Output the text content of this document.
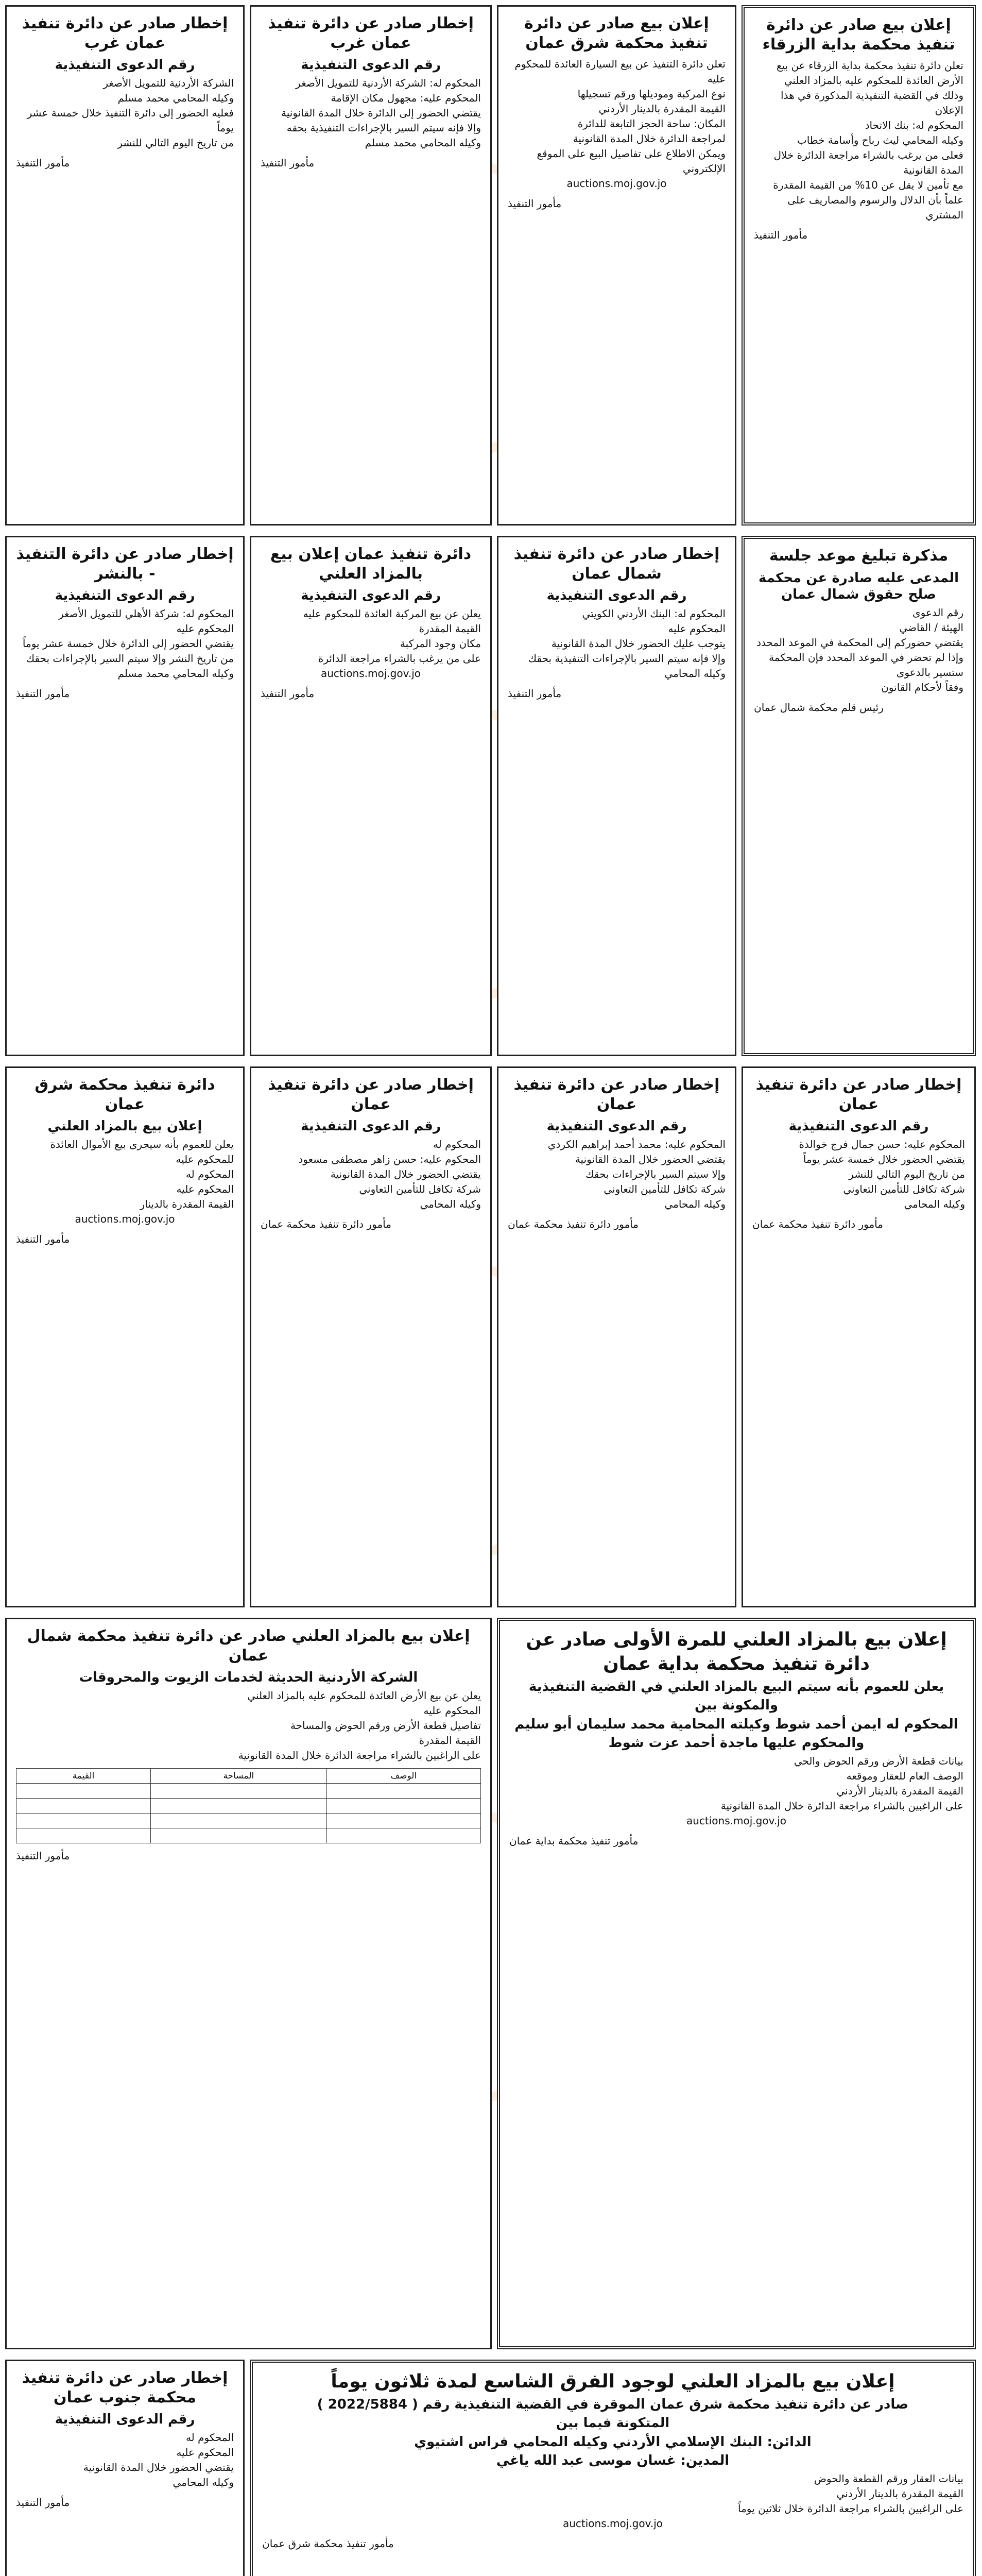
إعلان بيع صادر عن دائرة تنفيذ محكمة بداية الزرقاء
تعلن دائرة تنفيذ محكمة بداية الزرقاء عن بيع الأرض العائدة للمحكوم عليه بالمزاد العلني
وذلك في القضية التنفيذية المذكورة في هذا الإعلان
المحكوم له: بنك الاتحاد
وكيله المحامي ليث رباح وأسامة خطاب
فعلى من يرغب بالشراء مراجعة الدائرة خلال المدة القانونية
مع تأمين لا يقل عن 10% من القيمة المقدرة
علماً بأن الدلال والرسوم والمصاريف على المشتري
مأمور التنفيذ
إعلان بيع صادر عن دائرة تنفيذ محكمة شرق عمان
تعلن دائرة التنفيذ عن بيع السيارة العائدة للمحكوم عليه
نوع المركبة وموديلها ورقم تسجيلها
القيمة المقدرة بالدينار الأردني
المكان: ساحة الحجز التابعة للدائرة
لمراجعة الدائرة خلال المدة القانونية
ويمكن الاطلاع على تفاصيل البيع على الموقع الإلكتروني
auctions.moj.gov.jo
مأمور التنفيذ
إخطار صادر عن دائرة تنفيذ عمان غرب
رقم الدعوى التنفيذية
المحكوم له: الشركة الأردنية للتمويل الأصغر
المحكوم عليه: مجهول مكان الإقامة
يقتضي الحضور إلى الدائرة خلال المدة القانونية
وإلا فإنه سيتم السير بالإجراءات التنفيذية بحقه
وكيله المحامي محمد مسلم
مأمور التنفيذ
إخطار صادر عن دائرة تنفيذ عمان غرب
رقم الدعوى التنفيذية
الشركة الأردنية للتمويل الأصغر
وكيله المحامي محمد مسلم
فعليه الحضور إلى دائرة التنفيذ خلال خمسة عشر يوماً
من تاريخ اليوم التالي للنشر
مأمور التنفيذ
مذكرة تبليغ موعد جلسة
المدعى عليه صادرة عن محكمة صلح حقوق شمال عمان
رقم الدعوى
الهيئة / القاضي
يقتضي حضوركم إلى المحكمة في الموعد المحدد
وإذا لم تحضر في الموعد المحدد فإن المحكمة ستسير بالدعوى
وفقاً لأحكام القانون
رئيس قلم محكمة شمال عمان
إخطار صادر عن دائرة تنفيذ شمال عمان
رقم الدعوى التنفيذية
المحكوم له: البنك الأردني الكويتي
المحكوم عليه
يتوجب عليك الحضور خلال المدة القانونية
وإلا فإنه سيتم السير بالإجراءات التنفيذية بحقك
وكيله المحامي
مأمور التنفيذ
دائرة تنفيذ عمان إعلان بيع بالمزاد العلني
رقم الدعوى التنفيذية
يعلن عن بيع المركبة العائدة للمحكوم عليه
القيمة المقدرة
مكان وجود المركبة
على من يرغب بالشراء مراجعة الدائرة
auctions.moj.gov.jo
مأمور التنفيذ
إخطار صادر عن دائرة التنفيذ - بالنشر
رقم الدعوى التنفيذية
المحكوم له: شركة الأهلي للتمويل الأصغر
المحكوم عليه
يقتضي الحضور إلى الدائرة خلال خمسة عشر يوماً
من تاريخ النشر وإلا سيتم السير بالإجراءات بحقك
وكيله المحامي محمد مسلم
مأمور التنفيذ
إخطار صادر عن دائرة تنفيذ عمان
رقم الدعوى التنفيذية
المحكوم عليه: حسن جمال فرج خوالدة
يقتضي الحضور خلال خمسة عشر يوماً
من تاريخ اليوم التالي للنشر
شركة تكافل للتأمين التعاوني
وكيله المحامي
مأمور دائرة تنفيذ محكمة عمان
إخطار صادر عن دائرة تنفيذ عمان
رقم الدعوى التنفيذية
المحكوم عليه: محمد أحمد إبراهيم الكردي
يقتضي الحضور خلال المدة القانونية
وإلا سيتم السير بالإجراءات بحقك
شركة تكافل للتأمين التعاوني
وكيله المحامي
مأمور دائرة تنفيذ محكمة عمان
إخطار صادر عن دائرة تنفيذ عمان
رقم الدعوى التنفيذية
المحكوم له
المحكوم عليه: حسن زاهر مصطفى مسعود
يقتضي الحضور خلال المدة القانونية
شركة تكافل للتأمين التعاوني
وكيله المحامي
مأمور دائرة تنفيذ محكمة عمان
دائرة تنفيذ محكمة شرق عمان
إعلان بيع بالمزاد العلني
يعلن للعموم بأنه سيجرى بيع الأموال العائدة للمحكوم عليه
المحكوم له
المحكوم عليه
القيمة المقدرة بالدينار
auctions.moj.gov.jo
مأمور التنفيذ
إعلان بيع بالمزاد العلني للمرة الأولى صادر عن دائرة تنفيذ محكمة بداية عمان
يعلن للعموم بأنه سيتم البيع بالمزاد العلني في القضية التنفيذية
والمكونة بين
المحكوم له ايمن أحمد شوط وكيلته المحامية محمد سليمان أبو سليم
والمحكوم عليها ماجدة أحمد عزت شوط
بيانات قطعة الأرض ورقم الحوض والحي
الوصف العام للعقار وموقعه
القيمة المقدرة بالدينار الأردني
على الراغبين بالشراء مراجعة الدائرة خلال المدة القانونية
auctions.moj.gov.jo
مأمور تنفيذ محكمة بداية عمان
إعلان بيع بالمزاد العلني صادر عن دائرة تنفيذ محكمة شمال عمان
الشركة الأردنية الحديثة لخدمات الزيوت والمحروقات
يعلن عن بيع الأرض العائدة للمحكوم عليه بالمزاد العلني
المحكوم عليه
تفاصيل قطعة الأرض ورقم الحوض والمساحة
القيمة المقدرة
على الراغبين بالشراء مراجعة الدائرة خلال المدة القانونية
الوصف	المساحة	القيمة

مأمور التنفيذ
إعلان بيع بالمزاد العلني لوجود الفرق الشاسع لمدة ثلاثون يوماً
صادر عن دائرة تنفيذ محكمة شرق عمان الموقرة في القضية التنفيذية رقم ( 2022/5884 )
المتكونة فيما بين
الدائن: البنك الإسلامي الأردني وكيله المحامي فراس اشتيوي
المدين: غسان موسى عبد الله ياغي
بيانات العقار ورقم القطعة والحوض
القيمة المقدرة بالدينار الأردني
على الراغبين بالشراء مراجعة الدائرة خلال ثلاثين يوماً
auctions.moj.gov.jo
مأمور تنفيذ محكمة شرق عمان
إخطار صادر عن دائرة تنفيذ محكمة جنوب عمان
رقم الدعوى التنفيذية
المحكوم له
المحكوم عليه
يقتضي الحضور خلال المدة القانونية
وكيله المحامي
مأمور التنفيذ
